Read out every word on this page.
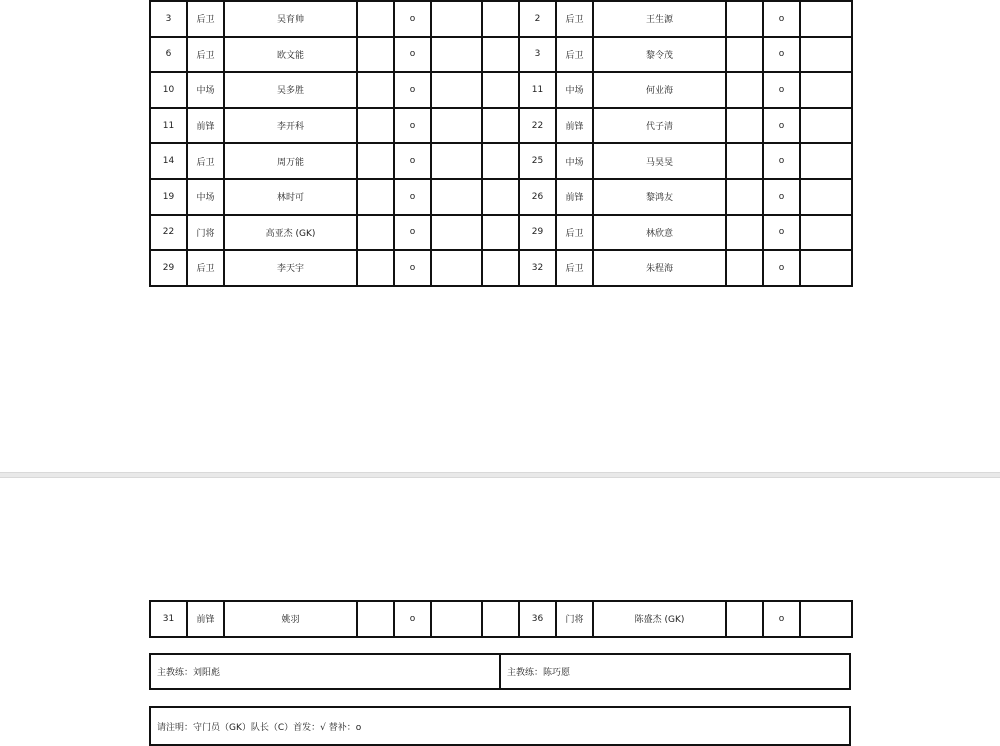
3	后卫	吴育帅		o			2	后卫	王生源		o	
6	后卫	欧文能		o			3	后卫	黎令茂		o	
10	中场	吴多胜		o			11	中场	何业海		o	
11	前锋	李开科		o			22	前锋	代子清		o	
14	后卫	周万能		o			25	中场	马昊旻		o	
19	中场	林时可		o			26	前锋	黎鸿友		o	
22	门将	高亚杰 (GK)		o			29	后卫	林欣意		o	
29	后卫	李天宇		o			32	后卫	朱程海		o	
31	前锋	姚羽		o			36	门将	陈盛杰 (GK)		o	
主教练：刘阳彪	主教练：陈巧愿
请注明：守门员（GK）队长（C）首发：√ 替补：o
